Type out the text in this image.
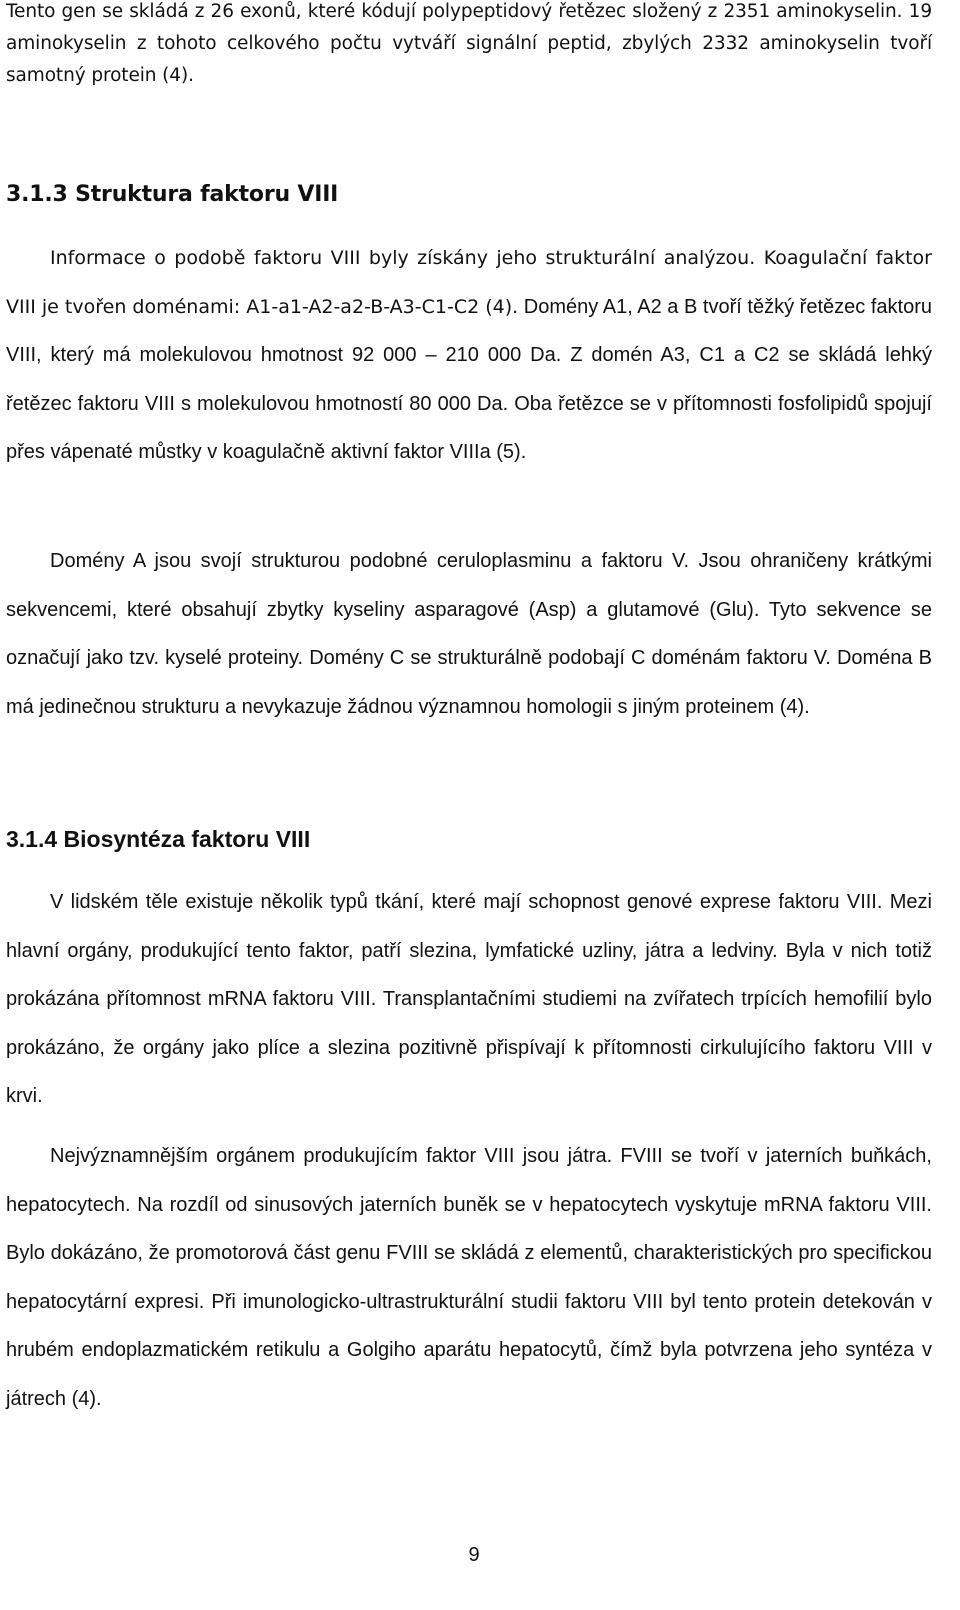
Tento gen se skládá z 26 exonů, které kódují polypeptidový řetězec složený z 2351 aminokyselin. 19 aminokyselin z tohoto celkového počtu vytváří signální peptid, zbylých 2332 aminokyselin tvoří samotný protein (4).

3.1.3 Struktura faktoru VIII

Informace o podobě faktoru VIII byly získány jeho strukturální analýzou. Koagulační faktor VIII je tvořen doménami: A1-a1-A2-a2-B-A3-C1-C2 (4). Domény A1, A2 a B tvoří těžký řetězec faktoru VIII, který má molekulovou hmotnost 92 000 – 210 000 Da. Z domén A3, C1 a C2 se skládá lehký řetězec faktoru VIII s molekulovou hmotností 80 000 Da. Oba řetězce se v přítomnosti fosfolipidů spojují přes vápenaté můstky v koagulačně aktivní faktor VIIIa (5).

Domény A jsou svojí strukturou podobné ceruloplasminu a faktoru V. Jsou ohraničeny krátkými sekvencemi, které obsahují zbytky kyseliny asparagové (Asp) a glutamové (Glu). Tyto sekvence se označují jako tzv. kyselé proteiny. Domény C se strukturálně podobají C doménám faktoru V. Doména B má jedinečnou strukturu a nevykazuje žádnou významnou homologii s jiným proteinem (4).

3.1.4 Biosyntéza faktoru VIII

V lidském těle existuje několik typů tkání, které mají schopnost genové exprese faktoru VIII. Mezi hlavní orgány, produkující tento faktor, patří slezina, lymfatické uzliny, játra a ledviny. Byla v nich totiž prokázána přítomnost mRNA faktoru VIII. Transplantačními studiemi na zvířatech trpících hemofilií bylo prokázáno, že orgány jako plíce a slezina pozitivně přispívají k přítomnosti cirkulujícího faktoru VIII v krvi.

Nejvýznamnějším orgánem produkujícím faktor VIII jsou játra. FVIII se tvoří v jaterních buňkách, hepatocytech. Na rozdíl od sinusových jaterních buněk se v hepatocytech vyskytuje mRNA faktoru VIII. Bylo dokázáno, že promotorová část genu FVIII se skládá z elementů, charakteristických pro specifickou hepatocytární expresi. Při imunologicko-ultrastrukturální studii faktoru VIII byl tento protein detekován v hrubém endoplazmatickém retikulu a Golgiho aparátu hepatocytů, čímž byla potvrzena jeho syntéza v játrech (4).

9
